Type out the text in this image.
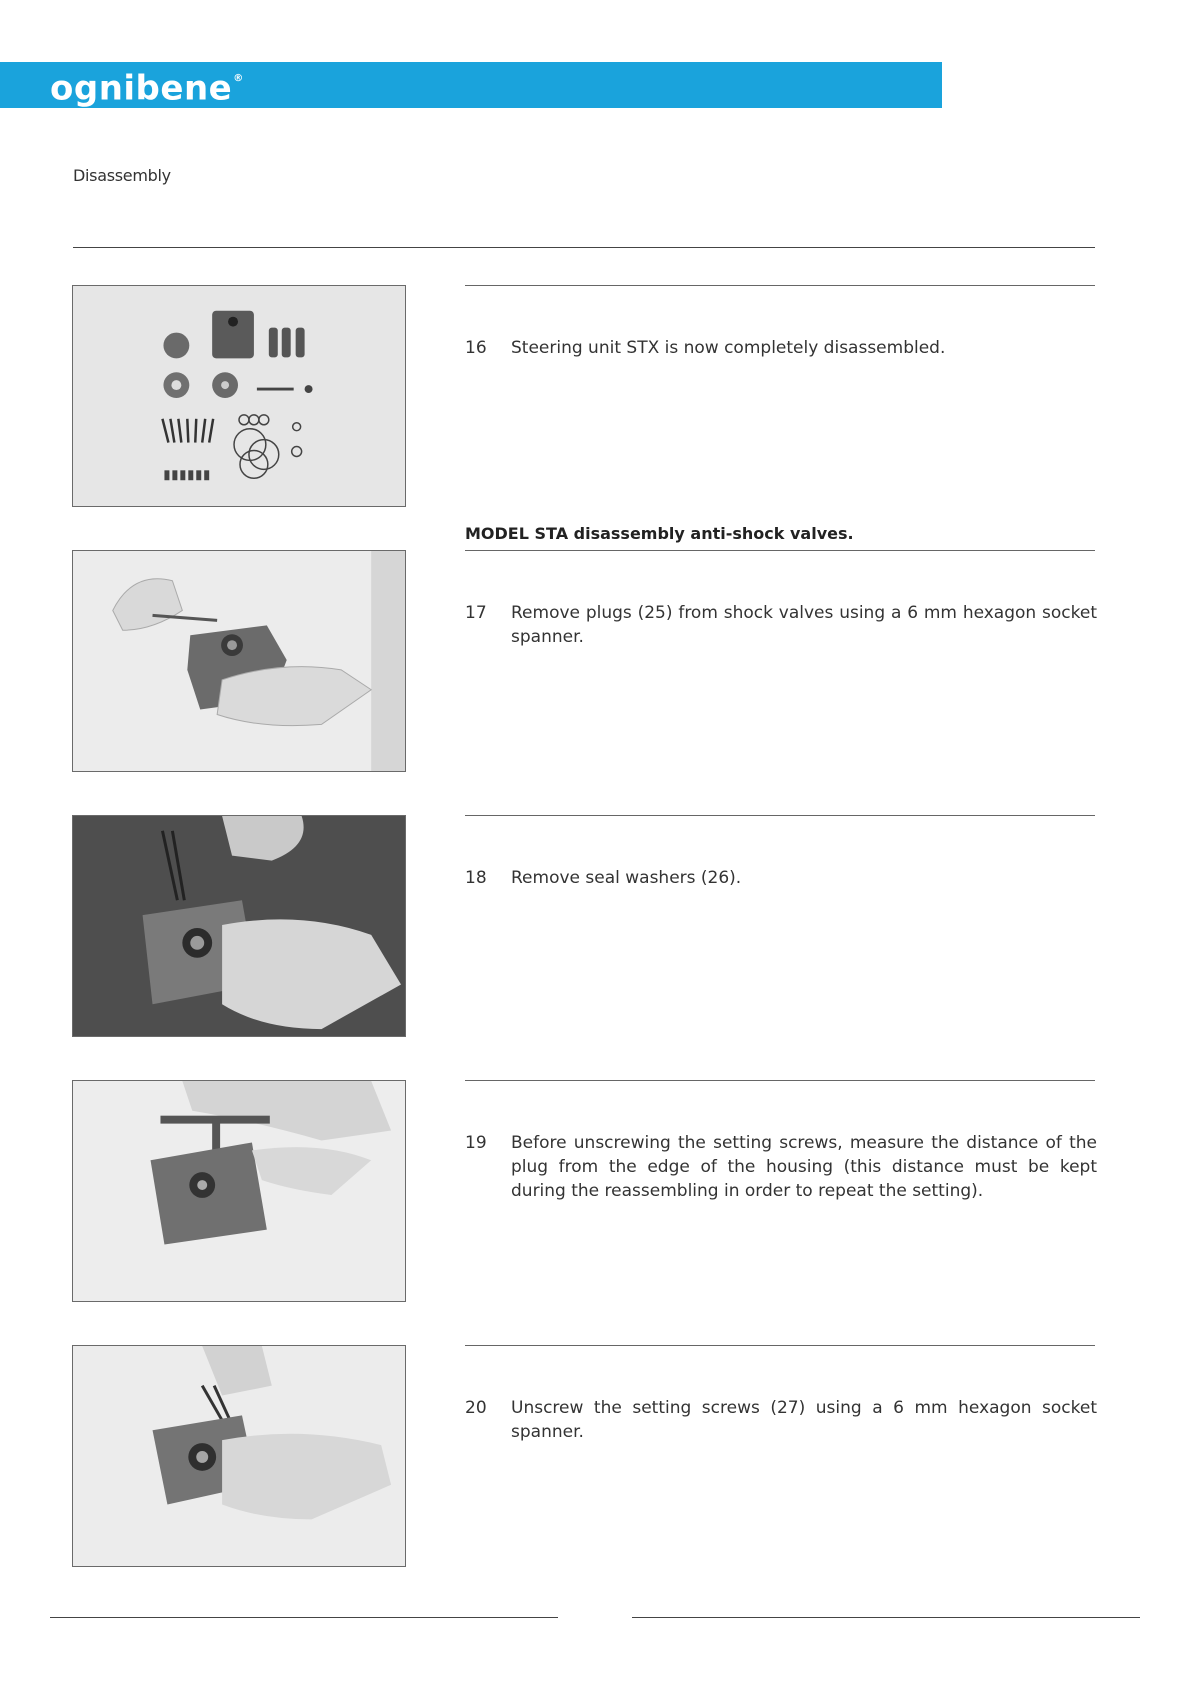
ognibene®
Disassembly
16	Steering unit STX is now completely disassembled.
MODEL STA disassembly anti-shock valves.
17	Remove plugs (25) from shock valves using a 6 mm hexagon socket spanner.
18	Remove seal washers (26).
19	Before unscrewing the setting screws, measure the distance of the plug from the edge of the housing (this distance must be kept during the reassembling in order to repeat the setting).
20	Unscrew the setting screws (27) using a 6 mm hexagon socket spanner.
